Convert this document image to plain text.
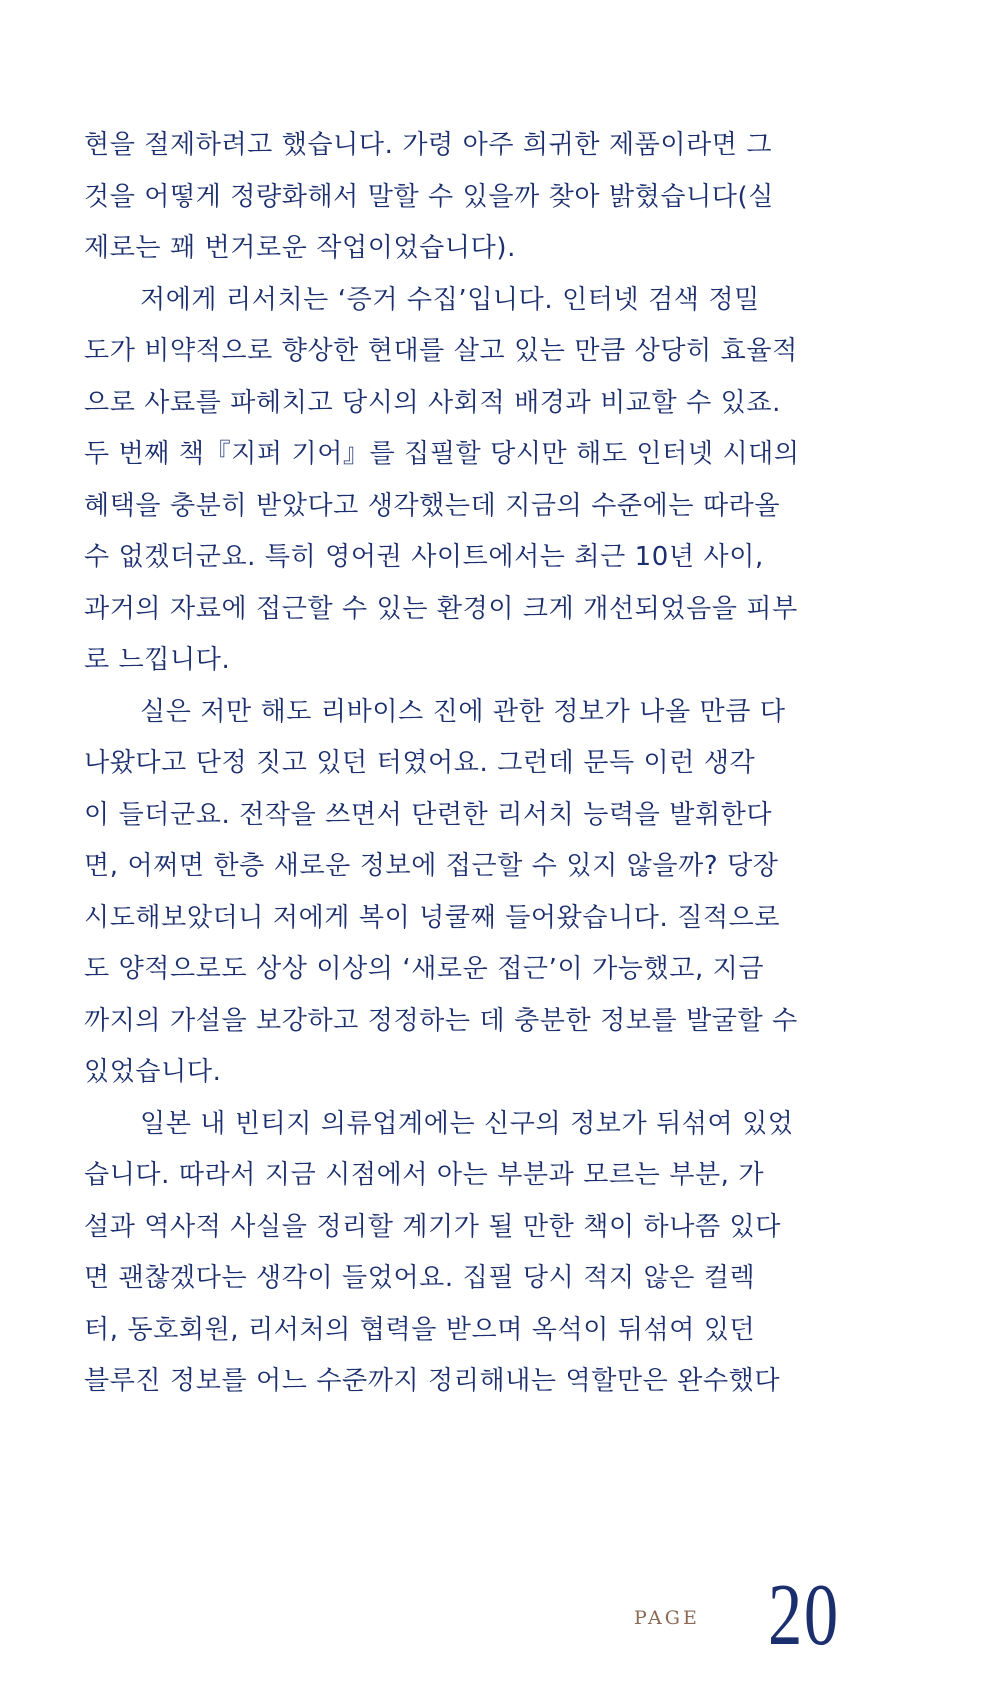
현을 절제하려고 했습니다. 가령 아주 희귀한 제품이라면 그
것을 어떻게 정량화해서 말할 수 있을까 찾아 밝혔습니다(실
제로는 꽤 번거로운 작업이었습니다).
저에게 리서치는 ‘증거 수집’입니다. 인터넷 검색 정밀
도가 비약적으로 향상한 현대를 살고 있는 만큼 상당히 효율적
으로 사료를 파헤치고 당시의 사회적 배경과 비교할 수 있죠.
두 번째 책『지퍼 기어』를 집필할 당시만 해도 인터넷 시대의
혜택을 충분히 받았다고 생각했는데 지금의 수준에는 따라올
수 없겠더군요. 특히 영어권 사이트에서는 최근 10년 사이,
과거의 자료에 접근할 수 있는 환경이 크게 개선되었음을 피부
로 느낍니다.
실은 저만 해도 리바이스 진에 관한 정보가 나올 만큼 다
나왔다고 단정 짓고 있던 터였어요. 그런데 문득 이런 생각
이 들더군요. 전작을 쓰면서 단련한 리서치 능력을 발휘한다
면, 어쩌면 한층 새로운 정보에 접근할 수 있지 않을까? 당장
시도해보았더니 저에게 복이 넝쿨째 들어왔습니다. 질적으로
도 양적으로도 상상 이상의 ‘새로운 접근’이 가능했고, 지금
까지의 가설을 보강하고 정정하는 데 충분한 정보를 발굴할 수
있었습니다.
일본 내 빈티지 의류업계에는 신구의 정보가 뒤섞여 있었
습니다. 따라서 지금 시점에서 아는 부분과 모르는 부분, 가
설과 역사적 사실을 정리할 계기가 될 만한 책이 하나쯤 있다
면 괜찮겠다는 생각이 들었어요. 집필 당시 적지 않은 컬렉
터, 동호회원, 리서처의 협력을 받으며 옥석이 뒤섞여 있던
블루진 정보를 어느 수준까지 정리해내는 역할만은 완수했다
PAGE 20
